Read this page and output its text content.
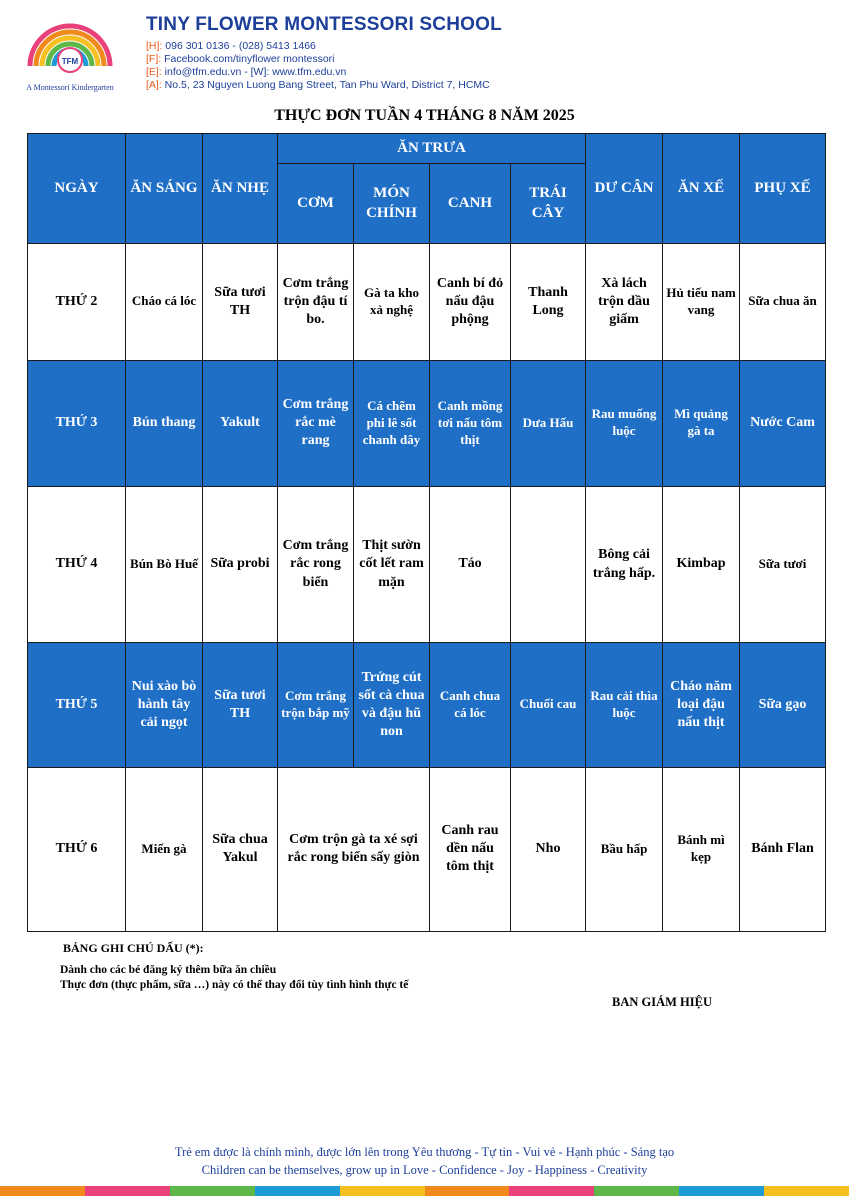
TFM
A Montessori Kindergarten
TINY FLOWER MONTESSORI SCHOOL
[H]: 096 301 0136 - (028) 5413 1466
[F]: Facebook.com/tinyflower montessori
[E]: info@tfm.edu.vn - [W]: www.tfm.edu.vn
[A]: No.5, 23 Nguyen Luong Bang Street, Tan Phu Ward, District 7, HCMC
THỰC ĐƠN TUẦN 4 THÁNG 8 NĂM 2025
NGÀY	ĂN SÁNG	ĂN NHẸ	ĂN TRƯA				DƯ CÂN	ĂN XẾ	PHỤ XẾ
			CƠM	MÓN CHÍNH	CANH	TRÁI CÂY			
THỨ 2	Cháo cá lóc	Sữa tươi TH	Cơm trắng trộn đậu tí bo.	Gà ta kho xả nghệ	Canh bí đỏ nấu đậu phộng	Thanh Long	Xà lách trộn dầu giấm	Hủ tiếu nam vang	Sữa chua ăn
THỨ 3	Bún thang	Yakult	Cơm trắng rắc mè rang	Cá chẽm phi lê sốt chanh dây	Canh mồng tơi nấu tôm thịt	Dưa Hấu	Rau muống luộc	Mì quảng gà ta	Nước Cam
THỨ 4	Bún Bò Huế	Sữa probi	Cơm trắng rắc rong biển	Thịt sườn cốt lết ram mặn	Táo		Bông cải trắng hấp.	Kimbap	Sữa tươi
THỨ 5	Nui xào bò hành tây cải ngọt	Sữa tươi TH	Cơm trắng trộn bắp mỹ	Trứng cút sốt cà chua và đậu hũ non	Canh chua cá lóc	Chuối cau	Rau cải thìa luộc	Cháo năm loại đậu nấu thịt	Sữa gạo
THỨ 6	Miến gà	Sữa chua Yakul	Cơm trộn gà ta xé sợi rắc rong biển sấy giòn		Canh rau dền nấu tôm thịt	Nho	Bầu hấp	Bánh mì kẹp	Bánh Flan
BẢNG GHI CHÚ DẤU (*):
Dành cho các bé đăng ký thêm bữa ăn chiều
Thực đơn (thực phẩm, sữa …) này có thể thay đổi tùy tình hình thực tế
BAN GIÁM HIỆU
Trẻ em được là chính mình, được lớn lên trong Yêu thương - Tự tin - Vui vẻ - Hạnh phúc - Sáng tạo
Children can be themselves, grow up in Love - Confidence - Joy - Happiness - Creativity
